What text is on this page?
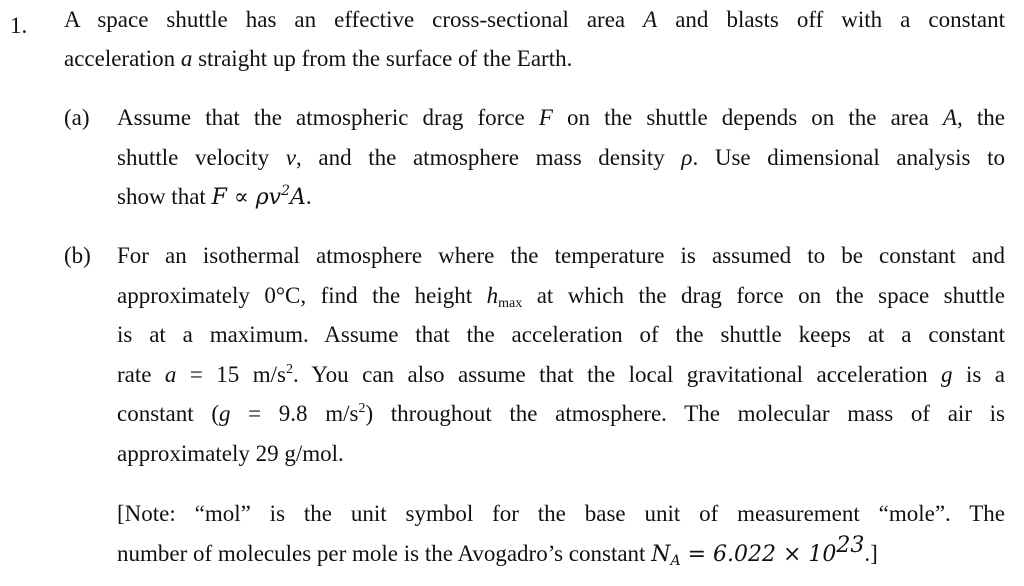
1. A space shuttle has an effective cross-sectional area A and blasts off with a constant
acceleration a straight up from the surface of the Earth.
(a) Assume that the atmospheric drag force F on the shuttle depends on the area A, the
shuttle velocity v, and the atmosphere mass density ρ. Use dimensional analysis to
show that $F \propto \rho v^2A$.
(b) For an isothermal atmosphere where the temperature is assumed to be constant and
approximately 0°C, find the height $h_{max}$ at which the drag force on the space shuttle
is at a maximum. Assume that the acceleration of the shuttle keeps at a constant
rate a = 15 $m/s^2$. You can also assume that the local gravitational acceleration g is a
constant (g = 9.8 $m/s^2$) throughout the atmosphere. The molecular mass of air is
approximately 29 g/mol.
[Note: “mol” is the unit symbol for the base unit of measurement “mole”. The
number of molecules per mole is the Avogadro’s constant $N_A = 6.022 \times 10^{23}$.]
